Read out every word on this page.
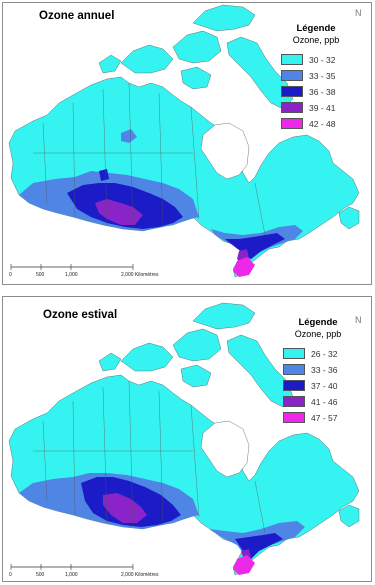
0	500	1,000	2,000 Kilomètres
Ozone annuel	N
Légende
Ozone, ppb
30 - 32
33 - 35
36 - 38
39 - 41
42 - 48
0	500	1,000	2,000 Kilomètres
Ozone estival	N
Légende
Ozone, ppb
26 - 32
33 - 36
37 - 40
41 - 46
47 - 57
